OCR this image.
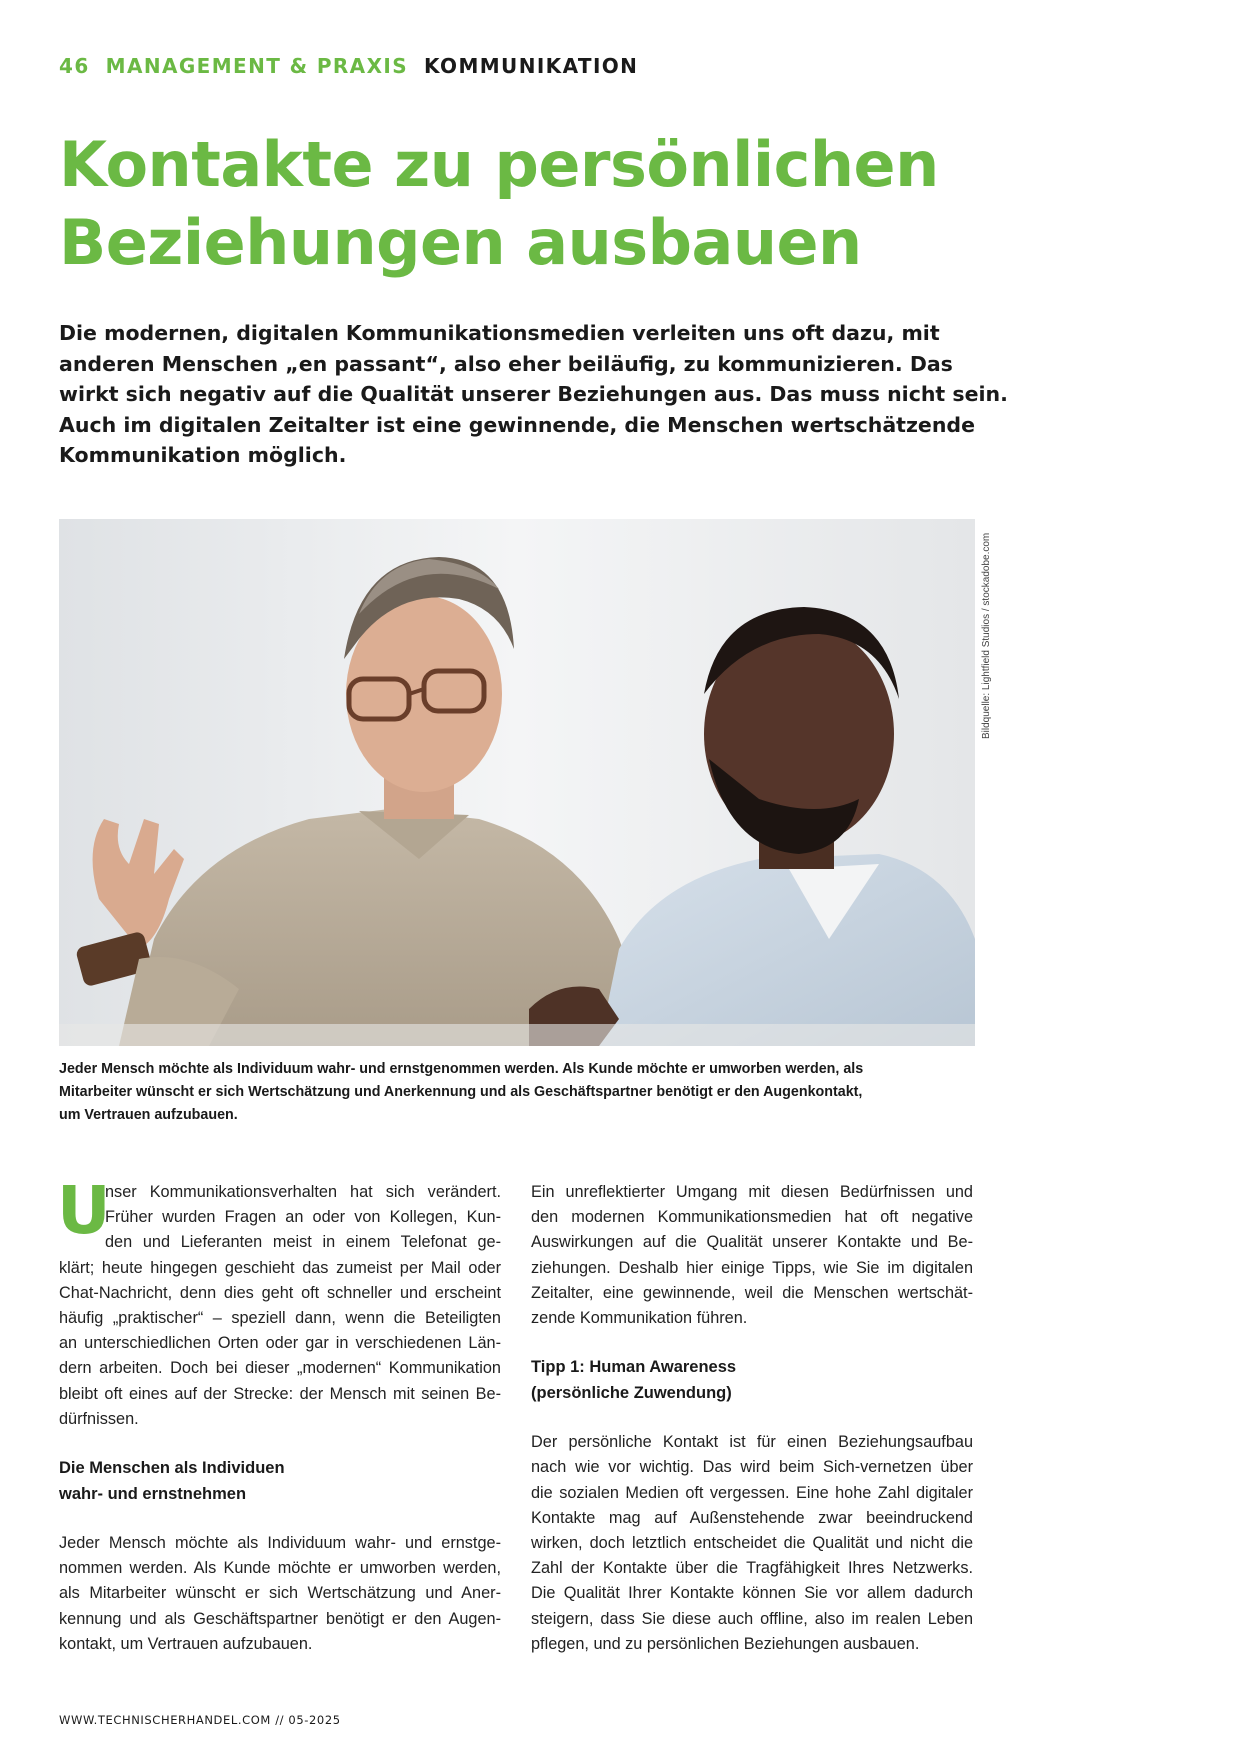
46 MANAGEMENT & PRAXIS KOMMUNIKATION
Kontakte zu persönlichen
Beziehungen ausbauen
Die modernen, digitalen Kommunikationsmedien verleiten uns oft dazu, mit
anderen Menschen „en passant“, also eher beiläufig, zu kommunizieren. Das
wirkt sich negativ auf die Qualität unserer Beziehungen aus. Das muss nicht sein.
Auch im digitalen Zeitalter ist eine gewinnende, die Menschen wertschätzende
Kommunikation möglich.
Bildquelle: Lightfield Studios / stockadobe.com
Jeder Mensch möchte als Individuum wahr- und ernstgenommen werden. Als Kunde möchte er umworben werden, als
Mitarbeiter wünscht er sich Wertschätzung und Anerkennung und als Geschäftspartner benötigt er den Augenkontakt,
um Vertrauen aufzubauen.
U
nser Kommunikationsverhalten hat sich verändert.
Früher wurden Fragen an oder von Kollegen, Kun-
den und Lieferanten meist in einem Telefonat ge-
klärt; heute hingegen geschieht das zumeist per Mail oder
Chat-Nachricht, denn dies geht oft schneller und erscheint
häufig „praktischer“ – speziell dann, wenn die Beteiligten
an unterschiedlichen Orten oder gar in verschiedenen Län-
dern arbeiten. Doch bei dieser „modernen“ Kommunikation
bleibt oft eines auf der Strecke: der Mensch mit seinen Be-
dürfnissen.
Die Menschen als Individuen
wahr- und ernstnehmen
Jeder Mensch möchte als Individuum wahr- und ernstge-
nommen werden. Als Kunde möchte er umworben werden,
als Mitarbeiter wünscht er sich Wertschätzung und Aner-
kennung und als Geschäftspartner benötigt er den Augen-
kontakt, um Vertrauen aufzubauen.
Ein unreflektierter Umgang mit diesen Bedürfnissen und
den modernen Kommunikationsmedien hat oft negative
Auswirkungen auf die Qualität unserer Kontakte und Be-
ziehungen. Deshalb hier einige Tipps, wie Sie im digitalen
Zeitalter, eine gewinnende, weil die Menschen wertschät-
zende Kommunikation führen.
Tipp 1: Human Awareness
(persönliche Zuwendung)
Der persönliche Kontakt ist für einen Beziehungsaufbau
nach wie vor wichtig. Das wird beim Sich-vernetzen über
die sozialen Medien oft vergessen. Eine hohe Zahl digitaler
Kontakte mag auf Außenstehende zwar beeindruckend
wirken, doch letztlich entscheidet die Qualität und nicht die
Zahl der Kontakte über die Tragfähigkeit Ihres Netzwerks.
Die Qualität Ihrer Kontakte können Sie vor allem dadurch
steigern, dass Sie diese auch offline, also im realen Leben
pflegen, und zu persönlichen Beziehungen ausbauen.
WWW.TECHNISCHERHANDEL.COM // 05-2025
